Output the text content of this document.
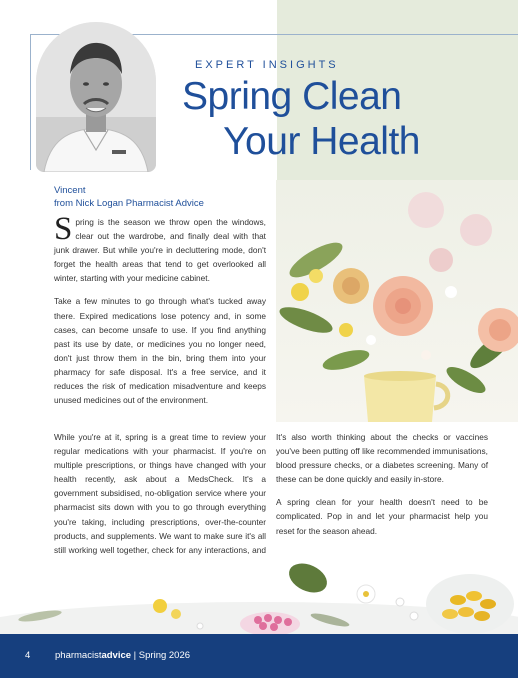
EXPERT INSIGHTS
Spring Clean
Your Health
Vincent
from Nick Logan Pharmacist Advice

Spring is the season we throw open the windows, clear out the wardrobe, and finally deal with that junk drawer. But while you're in decluttering mode, don't forget the health areas that tend to get overlooked all winter, starting with your medicine cabinet.

Take a few minutes to go through what's tucked away there. Expired medications lose potency and, in some cases, can become unsafe to use. If you find anything past its use by date, or medicines you no longer need, don't just throw them in the bin, bring them into your pharmacy for safe disposal. It's a free service, and it reduces the risk of medication misadventure and keeps unused medicines out of the environment.

While you're at it, spring is a great time to review your regular medications with your pharmacist. If you're on multiple prescriptions, or things have changed with your health recently, ask about a MedsCheck. It's a government subsidised, no-obligation service where your pharmacist sits down with you to go through everything you're taking, including prescriptions, over-the-counter products, and supplements. We want to make sure it's all still working well together, check for any interactions, and

It's also worth thinking about the checks or vaccines you've been putting off like recommended immunisations, blood pressure checks, or a diabetes screening. Many of these can be done quickly and easily in-store.

A spring clean for your health doesn't need to be complicated. Pop in and let your pharmacist help you reset for the season ahead.

4	pharmacistadvice | Spring 2026
